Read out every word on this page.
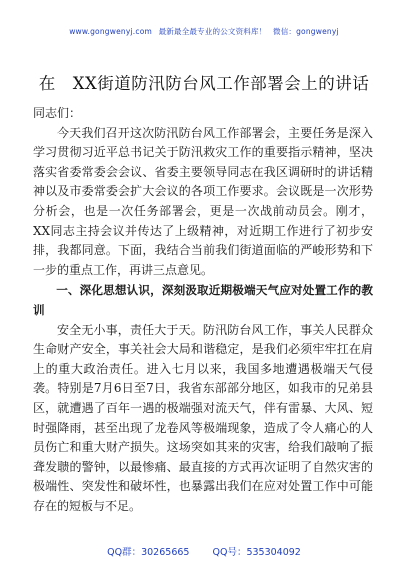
www.gongwenyj.com 最新最全最专业的公文资料库！ 微信：gongwenyj
在　XX街道防汛防台风工作部署会上的讲话

同志们：

今天我们召开这次防汛防台风工作部署会，主要任务是深入学习贯彻习近平总书记关于防汛救灾工作的重要指示精神，坚决落实省委常委会会议、省委主要领导同志在我区调研时的讲话精神以及市委常委会扩大会议的各项工作要求。会议既是一次形势分析会，也是一次任务部署会，更是一次战前动员会。刚才，XX同志主持会议并传达了上级精神，对近期工作进行了初步安排，我都同意。下面，我结合当前我们街道面临的严峻形势和下一步的重点工作，再讲三点意见。

一、深化思想认识，深刻汲取近期极端天气应对处置工作的教训

安全无小事，责任大于天。防汛防台风工作，事关人民群众生命财产安全，事关社会大局和谐稳定，是我们必须牢牢扛在肩上的重大政治责任。进入七月以来，我国多地遭遇极端天气侵袭。特别是7月6日至7日，我省东部部分地区，如我市的兄弟县区，就遭遇了百年一遇的极端强对流天气，伴有雷暴、大风、短时强降雨，甚至出现了龙卷风等极端现象，造成了令人痛心的人员伤亡和重大财产损失。这场突如其来的灾害，给我们敲响了振聋发聩的警钟，以最惨痛、最直接的方式再次证明了自然灾害的极端性、突发性和破坏性，也暴露出我们在应对处置工作中可能存在的短板与不足。

QQ群：30265665 QQ号：535304092
